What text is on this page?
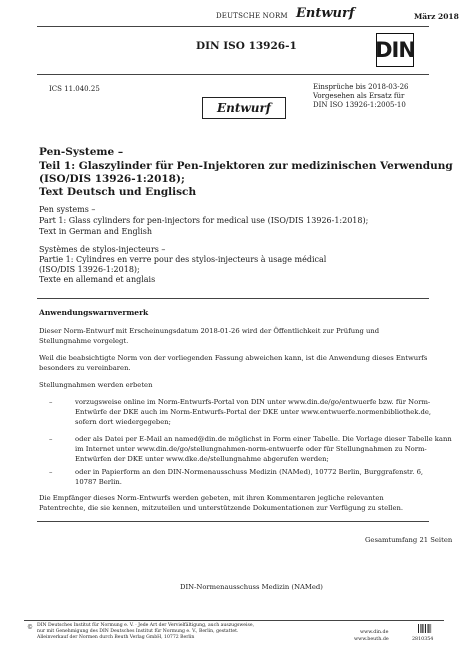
DEUTSCHE NORM Entwurf	März 2018
DIN ISO 13926-1	DIN
ICS 11.040.25	Einsprüche bis 2018-03-26
Vorgesehen als Ersatz für
DIN ISO 13926-1:2005-10
Entwurf
Pen-Systeme –
Teil 1: Glaszylinder für Pen-Injektoren zur medizinischen Verwendung
(ISO/DIS 13926-1:2018);
Text Deutsch und Englisch
Pen systems –
Part 1: Glass cylinders for pen-injectors for medical use (ISO/DIS 13926-1:2018);
Text in German and English
Systèmes de stylos-injecteurs –
Partie 1: Cylindres en verre pour des stylos-injecteurs à usage médical
(ISO/DIS 13926-1:2018);
Texte en allemand et anglais
Anwendungswarnvermerk
Dieser Norm-Entwurf mit Erscheinungsdatum 2018-01-26 wird der Öffentlichkeit zur Prüfung und
Stellungnahme vorgelegt.
Weil die beabsichtigte Norm von der vorliegenden Fassung abweichen kann, ist die Anwendung dieses Entwurfs
besonders zu vereinbaren.
Stellungnahmen werden erbeten
–	vorzugsweise online im Norm-Entwurfs-Portal von DIN unter www.din.de/go/entwuerfe bzw. für Norm-
Entwürfe der DKE auch im Norm-Entwurfs-Portal der DKE unter www.entwuerfe.normenbibliothek.de,
sofern dort wiedergegeben;
–	oder als Datei per E-Mail an named@din.de möglichst in Form einer Tabelle. Die Vorlage dieser Tabelle kann
im Internet unter www.din.de/go/stellungnahmen-norm-entwuerfe oder für Stellungnahmen zu Norm-
Entwürfen der DKE unter www.dke.de/stellungnahme abgerufen werden;
–	oder in Papierform an den DIN-Normenausschuss Medizin (NAMed), 10772 Berlin, Burggrafenstr. 6,
10787 Berlin.
Die Empfänger dieses Norm-Entwurfs werden gebeten, mit ihren Kommentaren jegliche relevanten
Patentrechte, die sie kennen, mitzuteilen und unterstützende Dokumentationen zur Verfügung zu stellen.
Gesamtumfang 21 Seiten
DIN-Normenausschuss Medizin (NAMed)
© DIN Deutsches Institut für Normung e. V. · Jede Art der Vervielfältigung, auch auszugsweise,
nur mit Genehmigung des DIN Deutsches Institut für Normung e. V., Berlin, gestattet.
Alleinverkauf der Normen durch Beuth Verlag GmbH, 10772 Berlin
www.din.de
www.beuth.de	2810354
